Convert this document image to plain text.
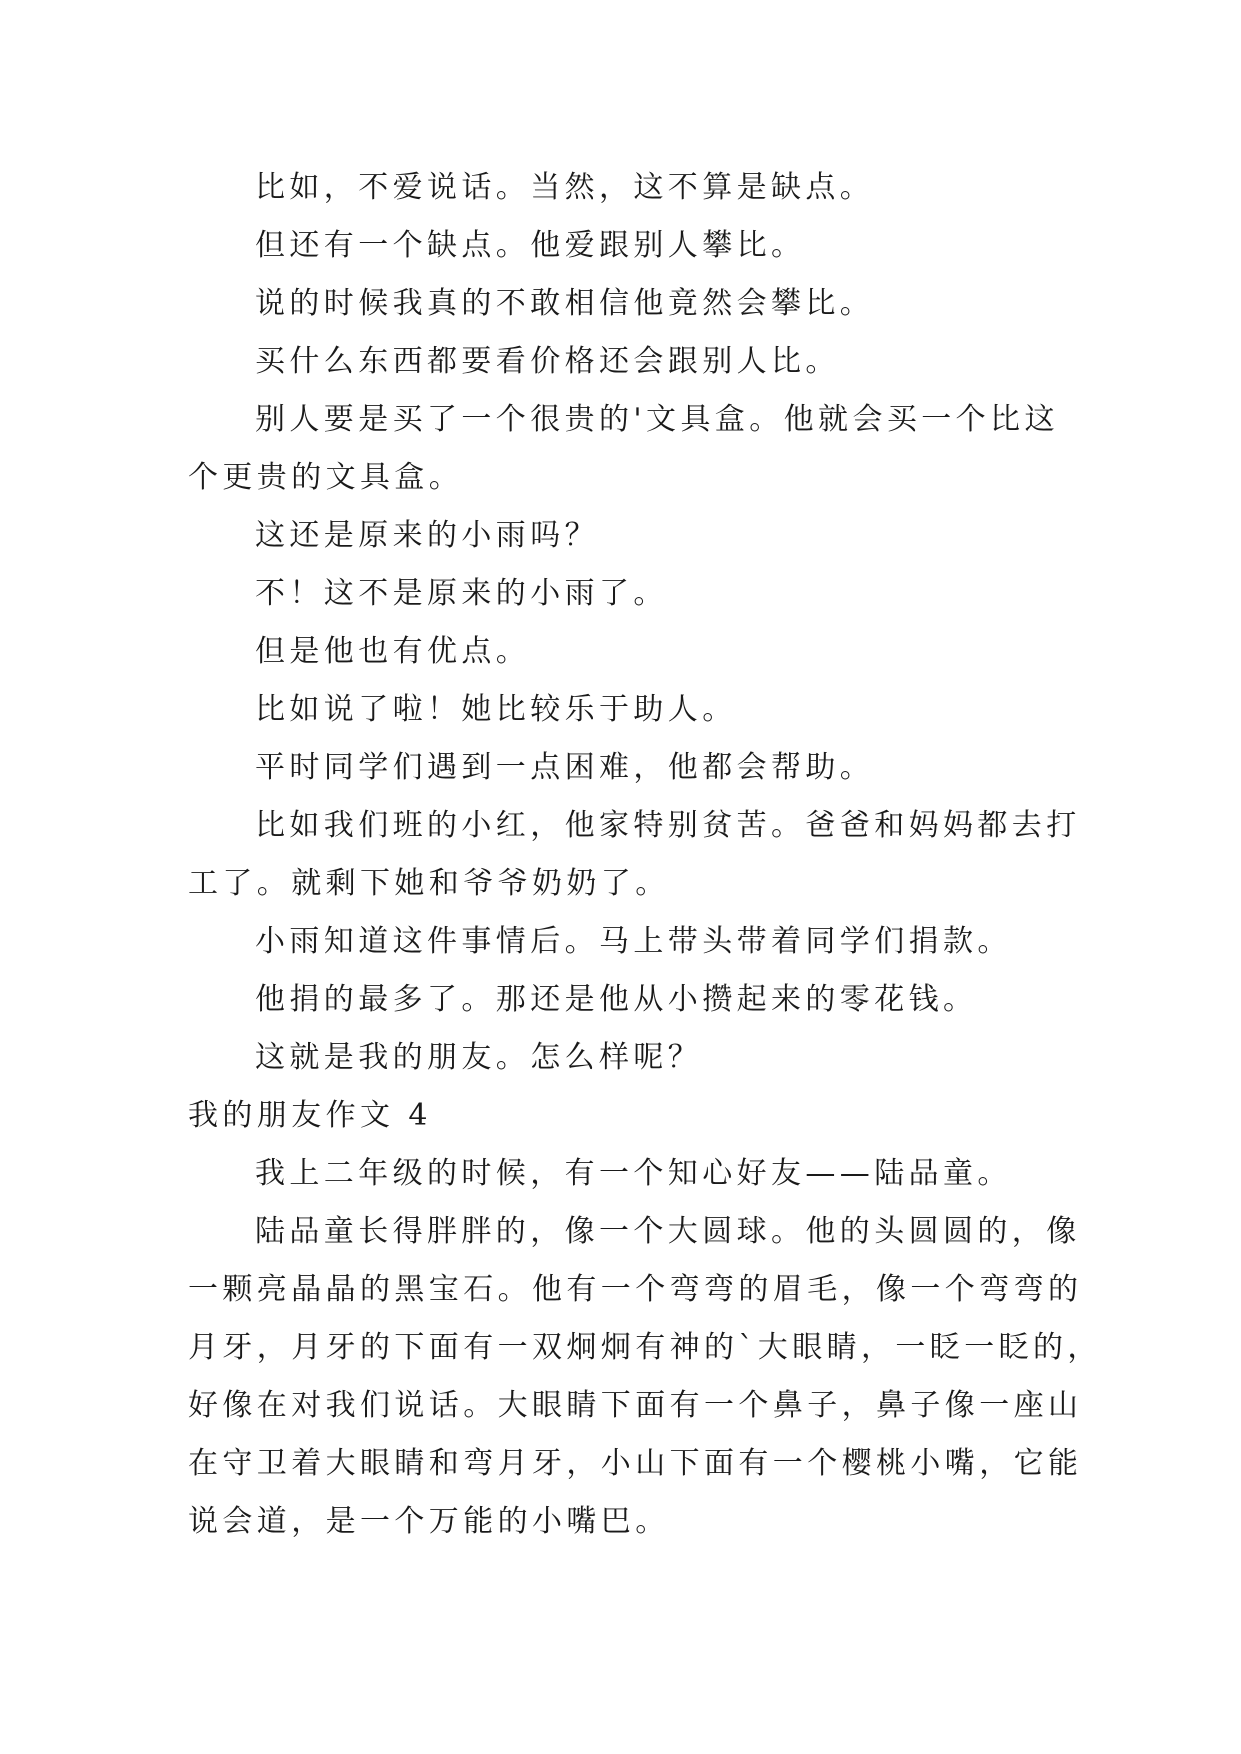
比如，不爱说话。当然，这不算是缺点。

但还有一个缺点。他爱跟别人攀比。

说的时候我真的不敢相信他竟然会攀比。

买什么东西都要看价格还会跟别人比。

别人要是买了一个很贵的'文具盒。他就会买一个比这

个更贵的文具盒。

这还是原来的小雨吗？

不！这不是原来的小雨了。

但是他也有优点。

比如说了啦！她比较乐于助人。

平时同学们遇到一点困难，他都会帮助。

比如我们班的小红，他家特别贫苦。爸爸和妈妈都去打

工了。就剩下她和爷爷奶奶了。

小雨知道这件事情后。马上带头带着同学们捐款。

他捐的最多了。那还是他从小攒起来的零花钱。

这就是我的朋友。怎么样呢？

我的朋友作文 4

我上二年级的时候，有一个知心好友——陆品童。

陆品童长得胖胖的，像一个大圆球。他的头圆圆的，像

一颗亮晶晶的黑宝石。他有一个弯弯的眉毛，像一个弯弯的

月牙，月牙的下面有一双炯炯有神的`大眼睛，一眨一眨的，

好像在对我们说话。大眼睛下面有一个鼻子，鼻子像一座山

在守卫着大眼睛和弯月牙，小山下面有一个樱桃小嘴，它能

说会道，是一个万能的小嘴巴。
